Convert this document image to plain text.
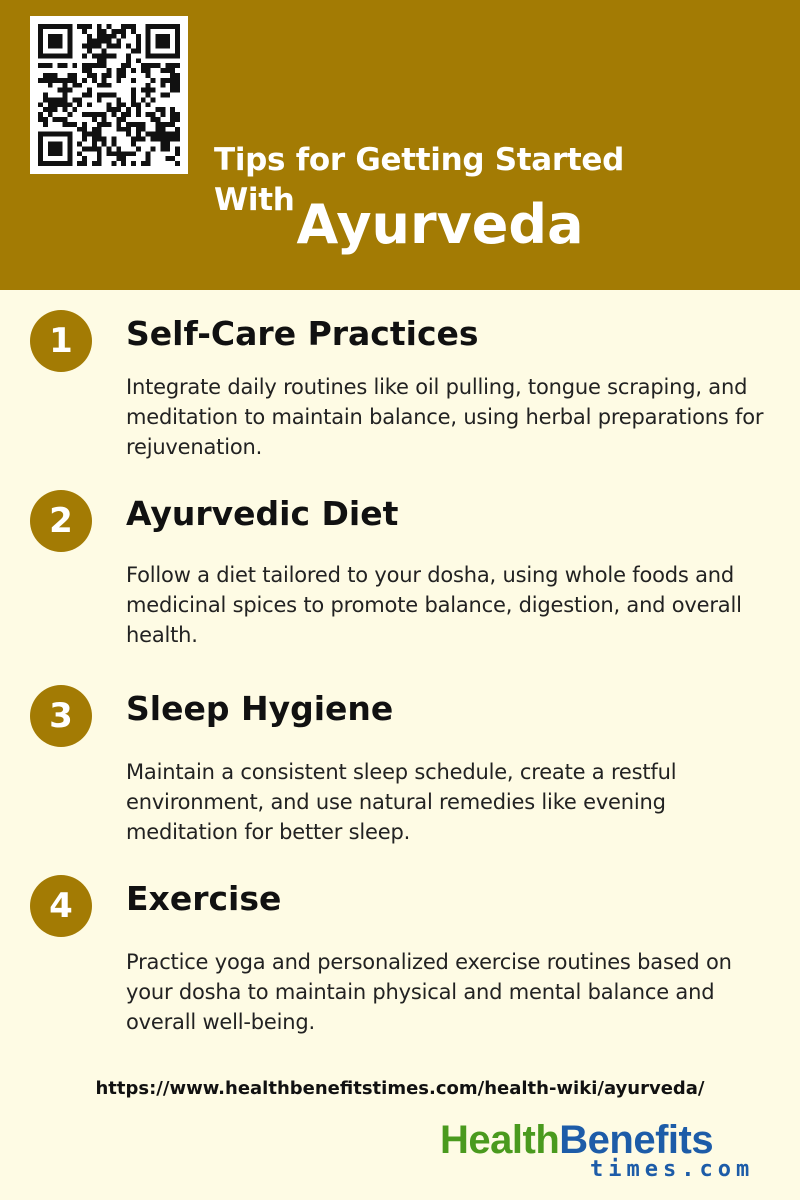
Tips for Getting Started With Ayurveda
1	Self-Care Practices
Integrate daily routines like oil pulling, tongue scraping, and meditation to maintain balance, using herbal preparations for rejuvenation.
2	Ayurvedic Diet
Follow a diet tailored to your dosha, using whole foods and medicinal spices to promote balance, digestion, and overall health.
3	Sleep Hygiene
Maintain a consistent sleep schedule, create a restful environment, and use natural remedies like evening meditation for better sleep.
4	Exercise
Practice yoga and personalized exercise routines based on your dosha to maintain physical and mental balance and overall well-being.
https://www.healthbenefitstimes.com/health-wiki/ayurveda/
HealthBenefits
times.com
